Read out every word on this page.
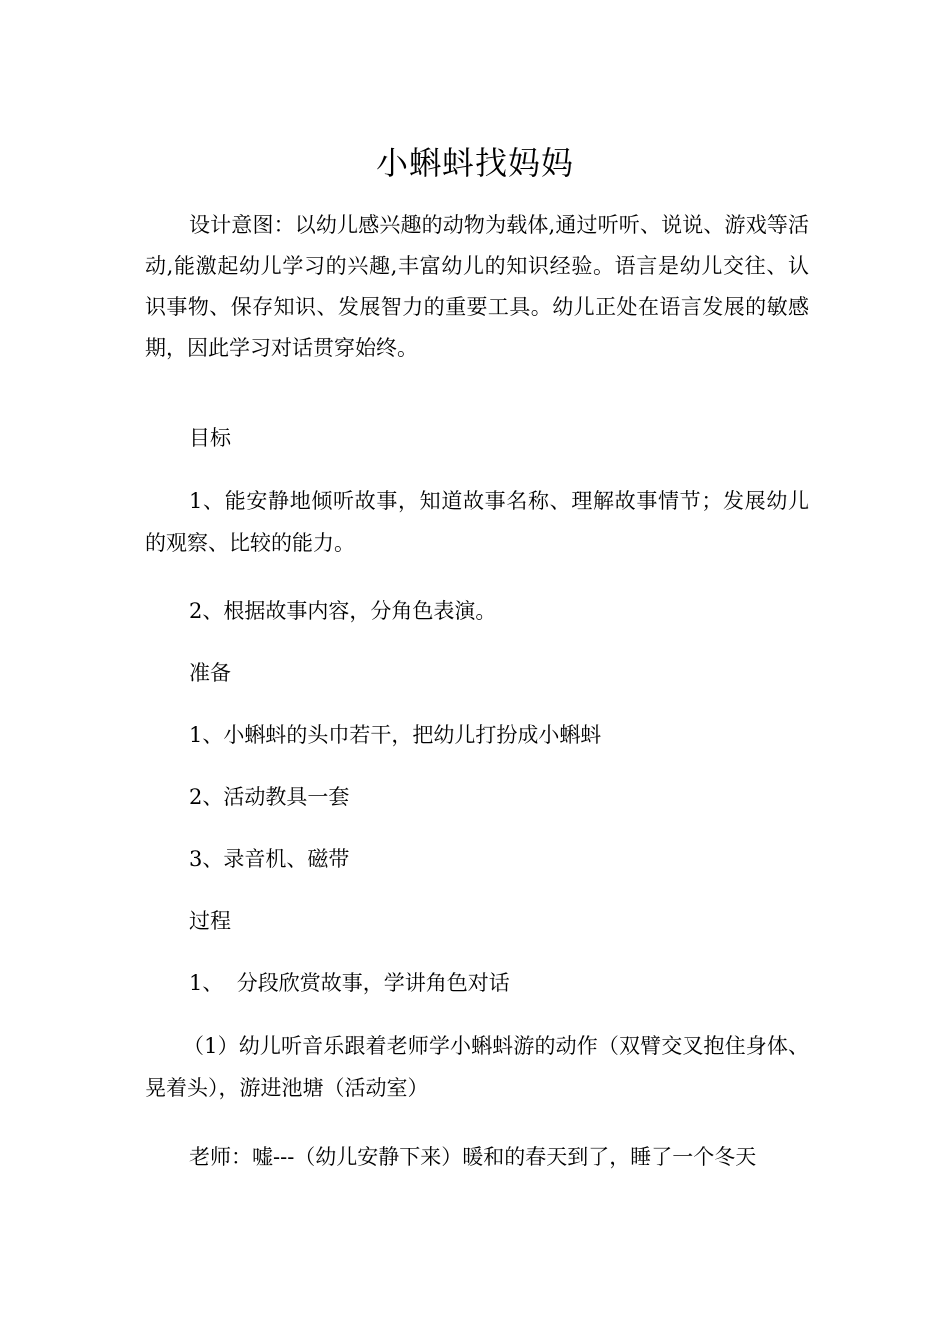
小蝌蚪找妈妈

设计意图：以幼儿感兴趣的动物为载体,通过听听、说说、游戏等活动,能激起幼儿学习的兴趣,丰富幼儿的知识经验。语言是幼儿交往、认识事物、保存知识、发展智力的重要工具。幼儿正处在语言发展的敏感期，因此学习对话贯穿始终。

目标

1、能安静地倾听故事，知道故事名称、理解故事情节；发展幼儿的观察、比较的能力。

2、根据故事内容，分角色表演。

准备

1、小蝌蚪的头巾若干，把幼儿打扮成小蝌蚪

2、活动教具一套

3、录音机、磁带

过程

1、  分段欣赏故事，学讲角色对话

（1）幼儿听音乐跟着老师学小蝌蚪游的动作（双臂交叉抱住身体、晃着头），游进池塘（活动室）

老师：嘘---（幼儿安静下来）暖和的春天到了，睡了一个冬天
